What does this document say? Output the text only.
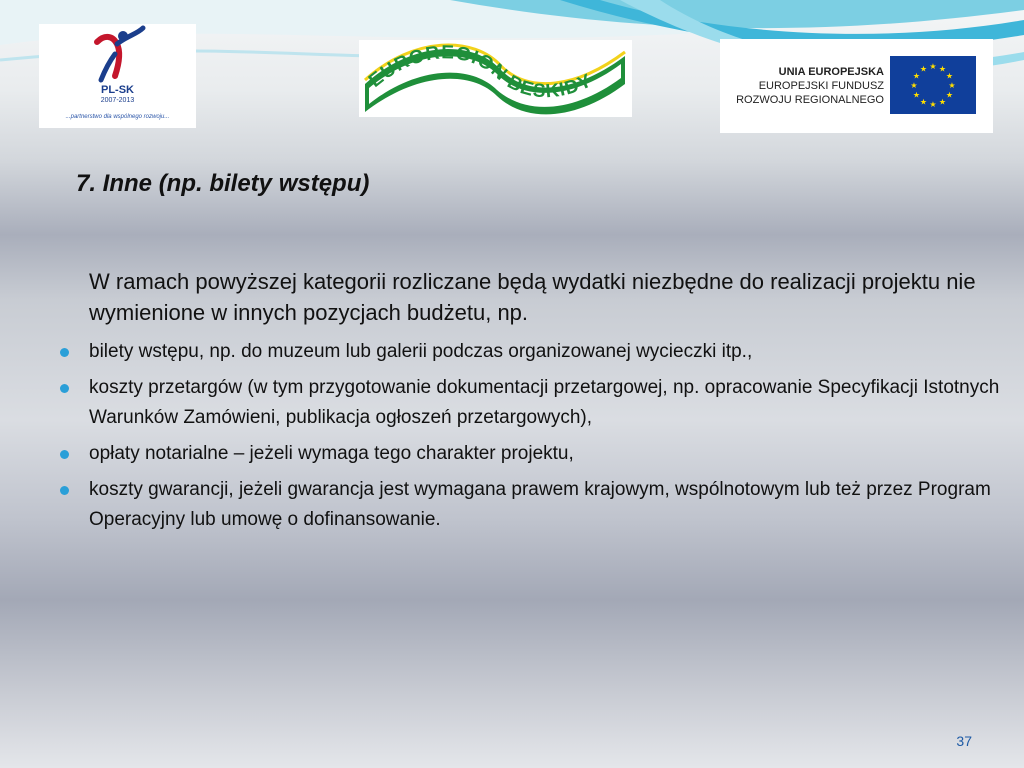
PL-SK
2007-2013
...partnerstwo dla wspólnego rozwoju...
EUROREGION BESKIDY	UNIA EUROPEJSKA
EUROPEJSKI FUNDUSZ
ROZWOJU REGIONALNEGO
★ ★
★
★
★
★
★
★
★
★
★
★
7. Inne (np. bilety wstępu)

W ramach powyższej kategorii rozliczane będą wydatki niezbędne do realizacji projektu nie wymienione w innych pozycjach budżetu, np.

bilety wstępu, np. do muzeum lub galerii podczas organizowanej wycieczki itp.,
koszty przetargów (w tym przygotowanie dokumentacji przetargowej, np. opracowanie Specyfikacji Istotnych Warunków Zamówieni, publikacja ogłoszeń przetargowych),
opłaty notarialne – jeżeli wymaga tego charakter projektu,
koszty gwarancji, jeżeli gwarancja jest wymagana prawem krajowym, wspólnotowym lub też przez Program Operacyjny lub umowę o dofinansowanie.
37
